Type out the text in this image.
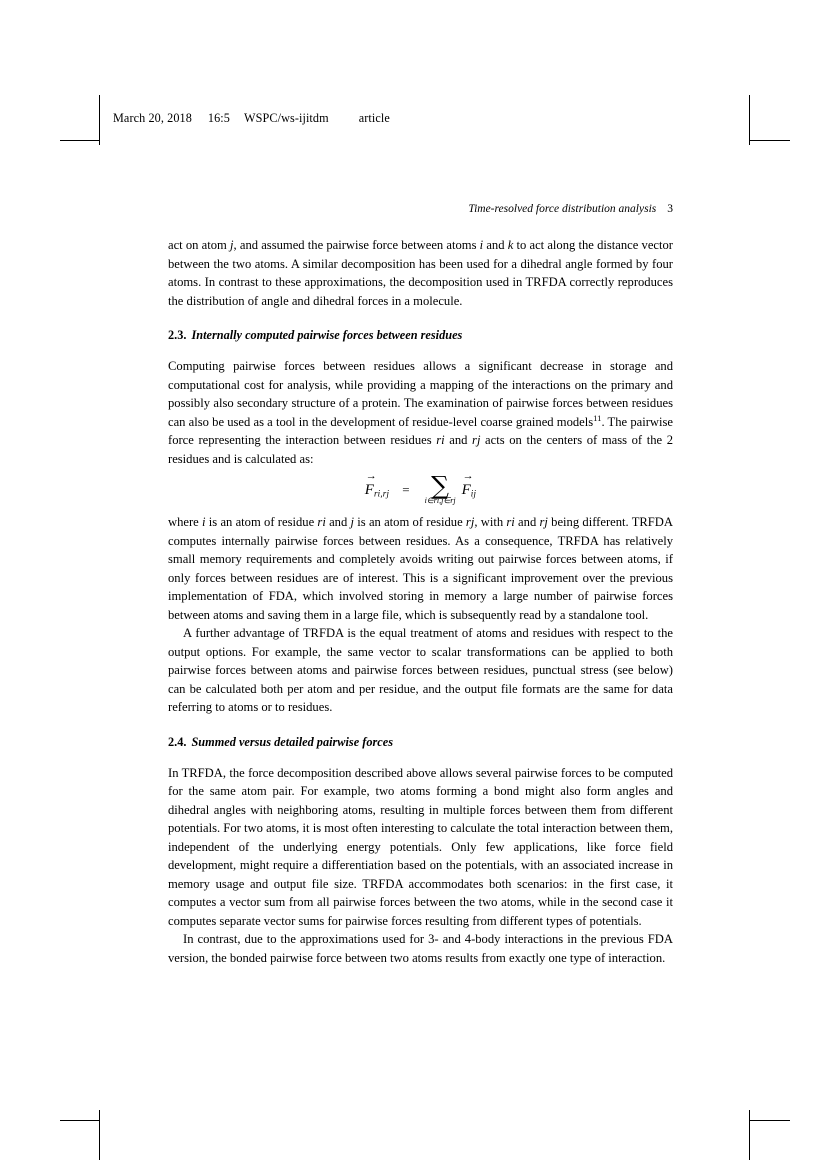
March 20, 2018 16:5 WSPC/ws-ijitdm article
Time-resolved force distribution analysis 3

act on atom j, and assumed the pairwise force between atoms i and k to act along the distance vector between the two atoms. A similar decomposition has been used for a dihedral angle formed by four atoms. In contrast to these approximations, the decomposition used in TRFDA correctly reproduces the distribution of angle and dihedral forces in a molecule.

2.3. Internally computed pairwise forces between residues

Computing pairwise forces between residues allows a significant decrease in storage and computational cost for analysis, while providing a mapping of the interactions on the primary and possibly also secondary structure of a protein. The examination of pairwise forces between residues can also be used as a tool in the development of residue-level coarse grained models$^{11}$. The pairwise force representing the interaction between residues ri and rj acts on the centers of mass of the 2 residues and is calculated as:

→
$F_{ri,rj}$ = ∑
i∈ri,j∈rj
→
$F_{ij}$

where i is an atom of residue ri and j is an atom of residue rj, with ri and rj being different. TRFDA computes internally pairwise forces between residues. As a consequence, TRFDA has relatively small memory requirements and completely avoids writing out pairwise forces between atoms, if only forces between residues are of interest. This is a significant improvement over the previous implementation of FDA, which involved storing in memory a large number of pairwise forces between atoms and saving them in a large file, which is subsequently read by a standalone tool.

A further advantage of TRFDA is the equal treatment of atoms and residues with respect to the output options. For example, the same vector to scalar transformations can be applied to both pairwise forces between atoms and pairwise forces between residues, punctual stress (see below) can be calculated both per atom and per residue, and the output file formats are the same for data referring to atoms or to residues.

2.4. Summed versus detailed pairwise forces

In TRFDA, the force decomposition described above allows several pairwise forces to be computed for the same atom pair. For example, two atoms forming a bond might also form angles and dihedral angles with neighboring atoms, resulting in multiple forces between them from different potentials. For two atoms, it is most often interesting to calculate the total interaction between them, independent of the underlying energy potentials. Only few applications, like force field development, might require a differentiation based on the potentials, with an associated increase in memory usage and output file size. TRFDA accommodates both scenarios: in the first case, it computes a vector sum from all pairwise forces between the two atoms, while in the second case it computes separate vector sums for pairwise forces resulting from different types of potentials.

In contrast, due to the approximations used for 3- and 4-body interactions in the previous FDA version, the bonded pairwise force between two atoms results from exactly one type of interaction.
